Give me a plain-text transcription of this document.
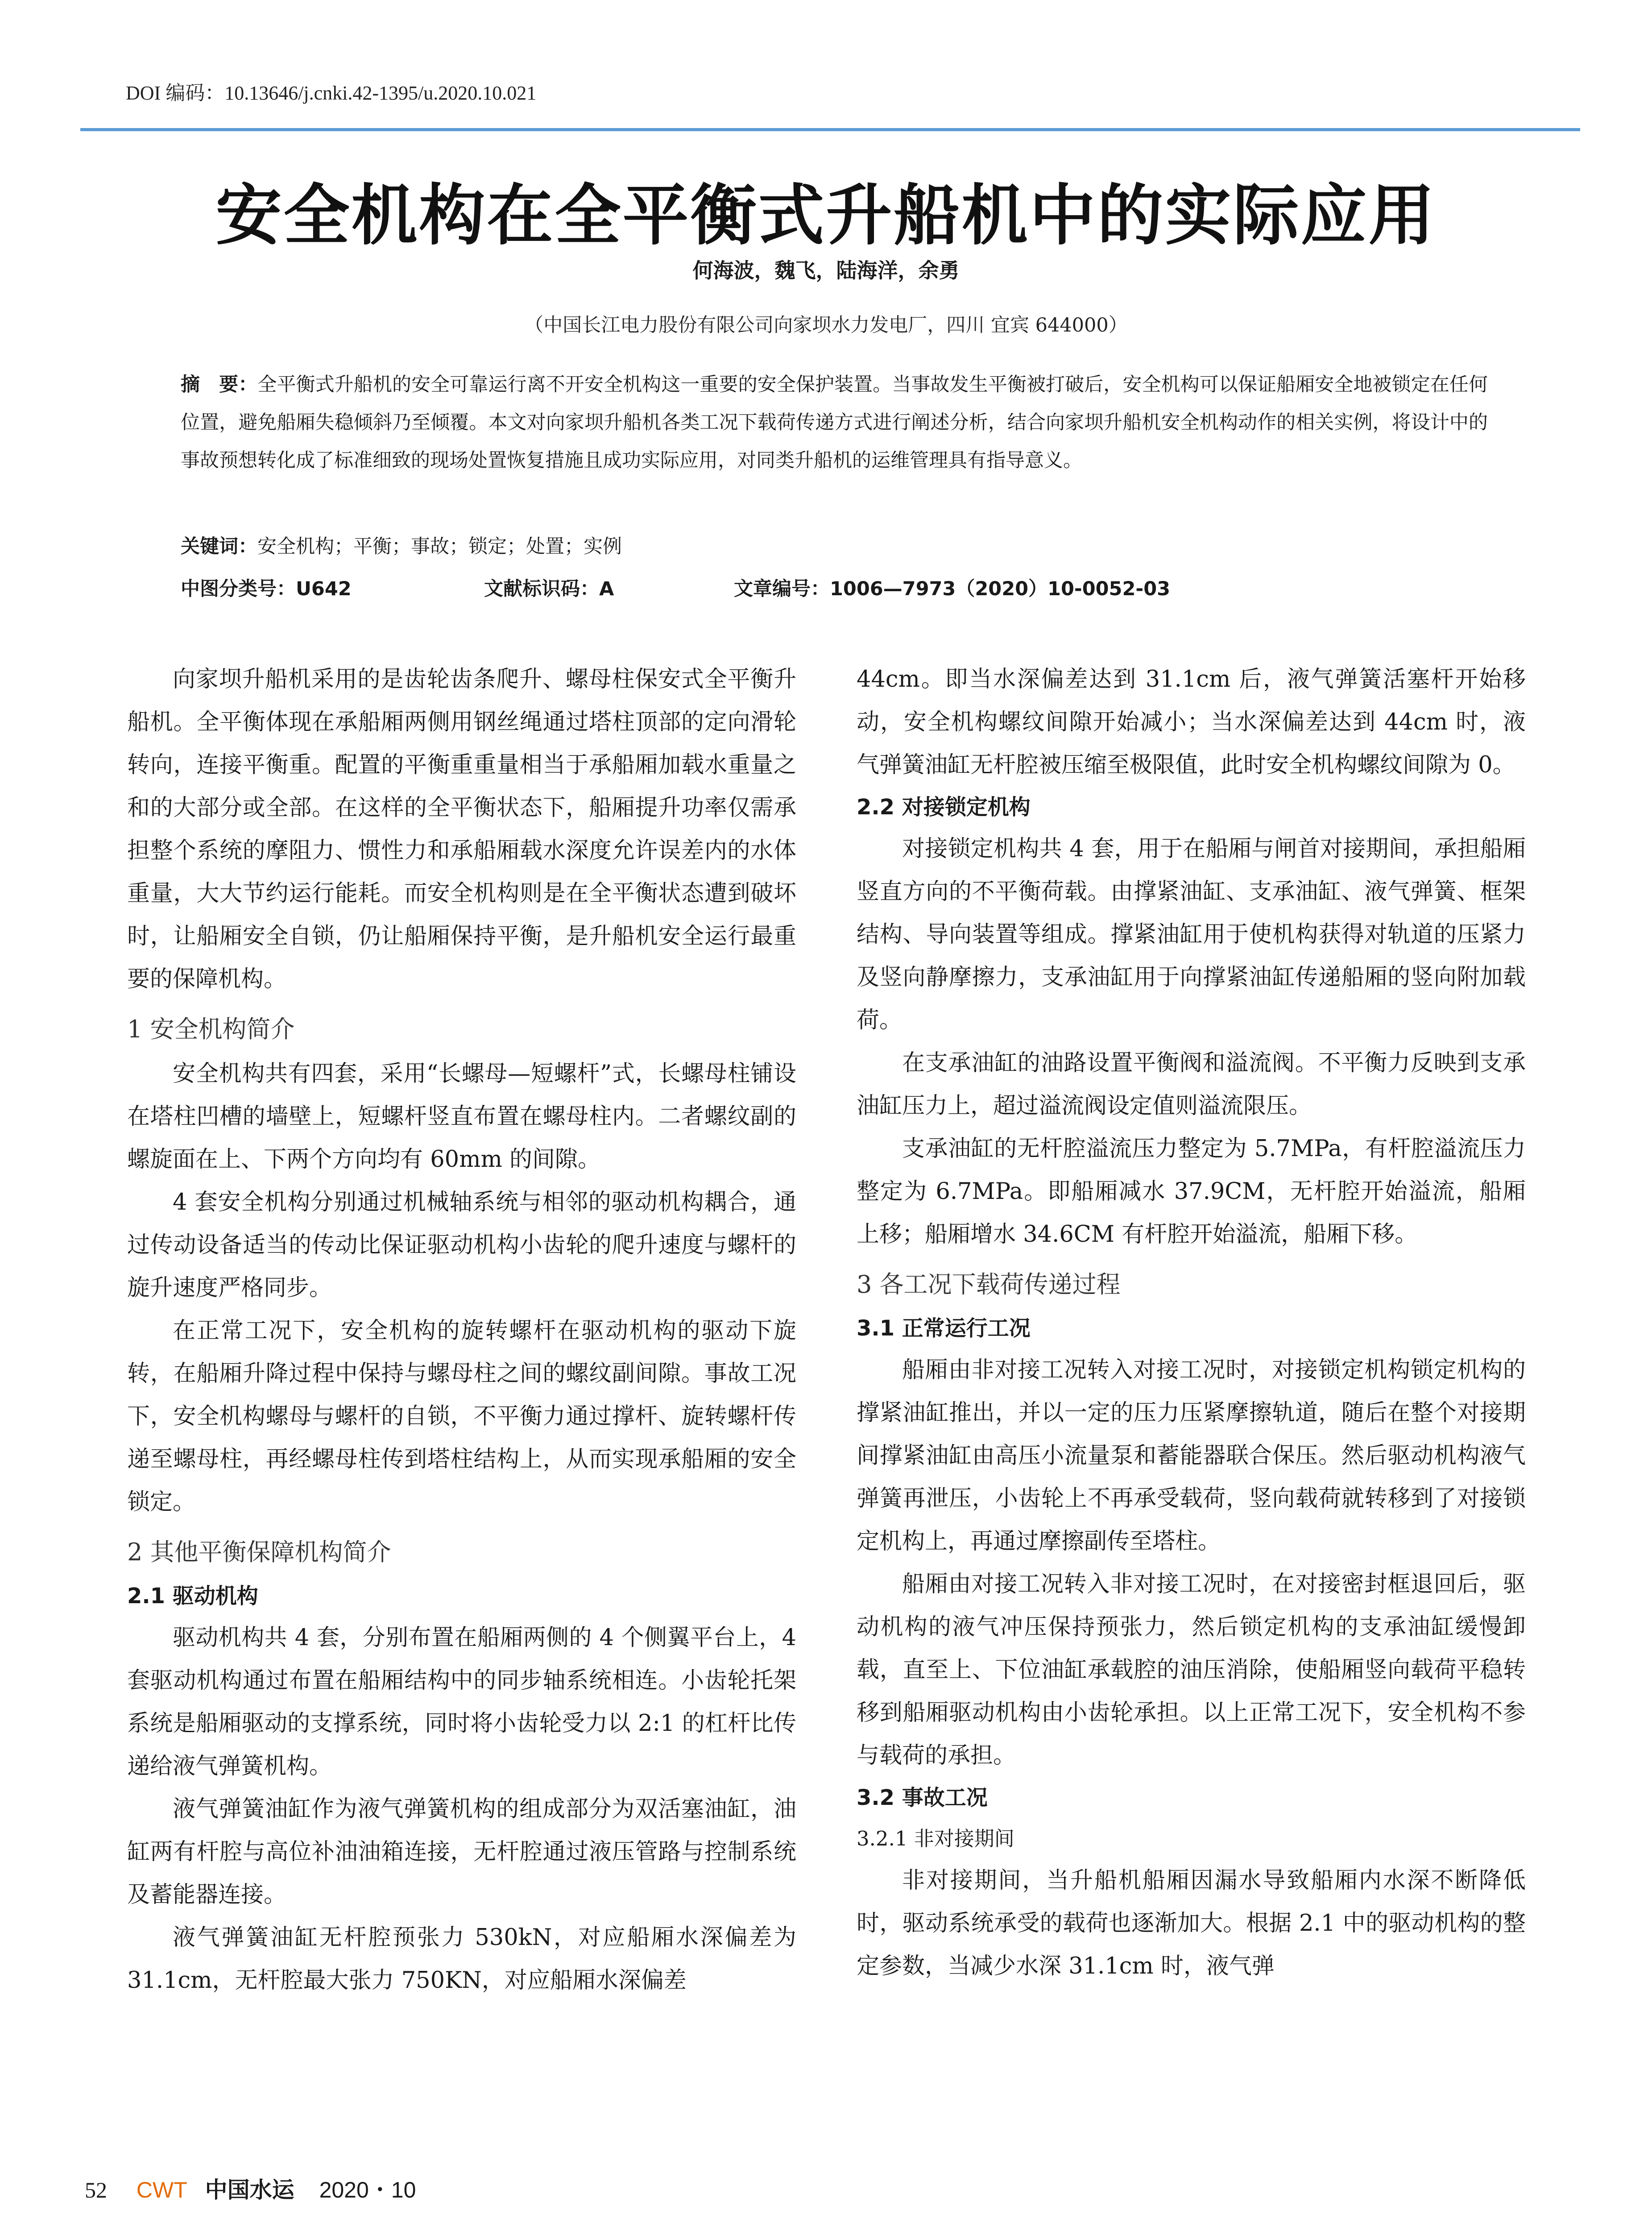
DOI 编码：10.13646/j.cnki.42-1395/u.2020.10.021
安全机构在全平衡式升船机中的实际应用
何海波，魏飞，陆海洋，余勇
（中国长江电力股份有限公司向家坝水力发电厂，四川 宜宾 644000）
摘　要：全平衡式升船机的安全可靠运行离不开安全机构这一重要的安全保护装置。当事故发生平衡被打破后，安全机构可以保证船厢安全地被锁定在任何位置，避免船厢失稳倾斜乃至倾覆。本文对向家坝升船机各类工况下载荷传递方式进行阐述分析，结合向家坝升船机安全机构动作的相关实例，将设计中的事故预想转化成了标准细致的现场处置恢复措施且成功实际应用，对同类升船机的运维管理具有指导意义。
关键词：安全机构；平衡；事故；锁定；处置；实例
中图分类号：U642	文献标识码：A	文章编号：1006—7973（2020）10-0052-03

向家坝升船机采用的是齿轮齿条爬升、螺母柱保安式全平衡升船机。全平衡体现在承船厢两侧用钢丝绳通过塔柱顶部的定向滑轮转向，连接平衡重。配置的平衡重重量相当于承船厢加载水重量之和的大部分或全部。在这样的全平衡状态下，船厢提升功率仅需承担整个系统的摩阻力、惯性力和承船厢载水深度允许误差内的水体重量，大大节约运行能耗。而安全机构则是在全平衡状态遭到破坏时，让船厢安全自锁，仍让船厢保持平衡，是升船机安全运行最重要的保障机构。

1 安全机构简介

安全机构共有四套，采用“长螺母—短螺杆”式，长螺母柱铺设在塔柱凹槽的墙壁上，短螺杆竖直布置在螺母柱内。二者螺纹副的螺旋面在上、下两个方向均有 60mm 的间隙。

4 套安全机构分别通过机械轴系统与相邻的驱动机构耦合，通过传动设备适当的传动比保证驱动机构小齿轮的爬升速度与螺杆的旋升速度严格同步。

在正常工况下，安全机构的旋转螺杆在驱动机构的驱动下旋转，在船厢升降过程中保持与螺母柱之间的螺纹副间隙。事故工况下，安全机构螺母与螺杆的自锁，不平衡力通过撑杆、旋转螺杆传递至螺母柱，再经螺母柱传到塔柱结构上，从而实现承船厢的安全锁定。

2 其他平衡保障机构简介
2.1 驱动机构

驱动机构共 4 套，分别布置在船厢两侧的 4 个侧翼平台上，4 套驱动机构通过布置在船厢结构中的同步轴系统相连。小齿轮托架系统是船厢驱动的支撑系统，同时将小齿轮受力以 2:1 的杠杆比传递给液气弹簧机构。

液气弹簧油缸作为液气弹簧机构的组成部分为双活塞油缸，油缸两有杆腔与高位补油油箱连接，无杆腔通过液压管路与控制系统及蓄能器连接。

液气弹簧油缸无杆腔预张力 530kN，对应船厢水深偏差为 31.1cm，无杆腔最大张力 750KN，对应船厢水深偏差

44cm。即当水深偏差达到 31.1cm 后，液气弹簧活塞杆开始移动，安全机构螺纹间隙开始减小；当水深偏差达到 44cm 时，液气弹簧油缸无杆腔被压缩至极限值，此时安全机构螺纹间隙为 0。

2.2 对接锁定机构

对接锁定机构共 4 套，用于在船厢与闸首对接期间，承担船厢竖直方向的不平衡荷载。由撑紧油缸、支承油缸、液气弹簧、框架结构、导向装置等组成。撑紧油缸用于使机构获得对轨道的压紧力及竖向静摩擦力，支承油缸用于向撑紧油缸传递船厢的竖向附加载荷。

在支承油缸的油路设置平衡阀和溢流阀。不平衡力反映到支承油缸压力上，超过溢流阀设定值则溢流限压。

支承油缸的无杆腔溢流压力整定为 5.7MPa，有杆腔溢流压力整定为 6.7MPa。即船厢减水 37.9CM，无杆腔开始溢流，船厢上移；船厢增水 34.6CM 有杆腔开始溢流，船厢下移。

3 各工况下载荷传递过程
3.1 正常运行工况

船厢由非对接工况转入对接工况时，对接锁定机构锁定机构的撑紧油缸推出，并以一定的压力压紧摩擦轨道，随后在整个对接期间撑紧油缸由高压小流量泵和蓄能器联合保压。然后驱动机构液气弹簧再泄压，小齿轮上不再承受载荷，竖向载荷就转移到了对接锁定机构上，再通过摩擦副传至塔柱。

船厢由对接工况转入非对接工况时，在对接密封框退回后，驱动机构的液气冲压保持预张力，然后锁定机构的支承油缸缓慢卸载，直至上、下位油缸承载腔的油压消除，使船厢竖向载荷平稳转移到船厢驱动机构由小齿轮承担。以上正常工况下，安全机构不参与载荷的承担。

3.2 事故工况
3.2.1 非对接期间

非对接期间，当升船机船厢因漏水导致船厢内水深不断降低时，驱动系统承受的载荷也逐渐加大。根据 2.1 中的驱动机构的整定参数，当减少水深 31.1cm 时，液气弹

52 CWT 中国水运 2020・10
